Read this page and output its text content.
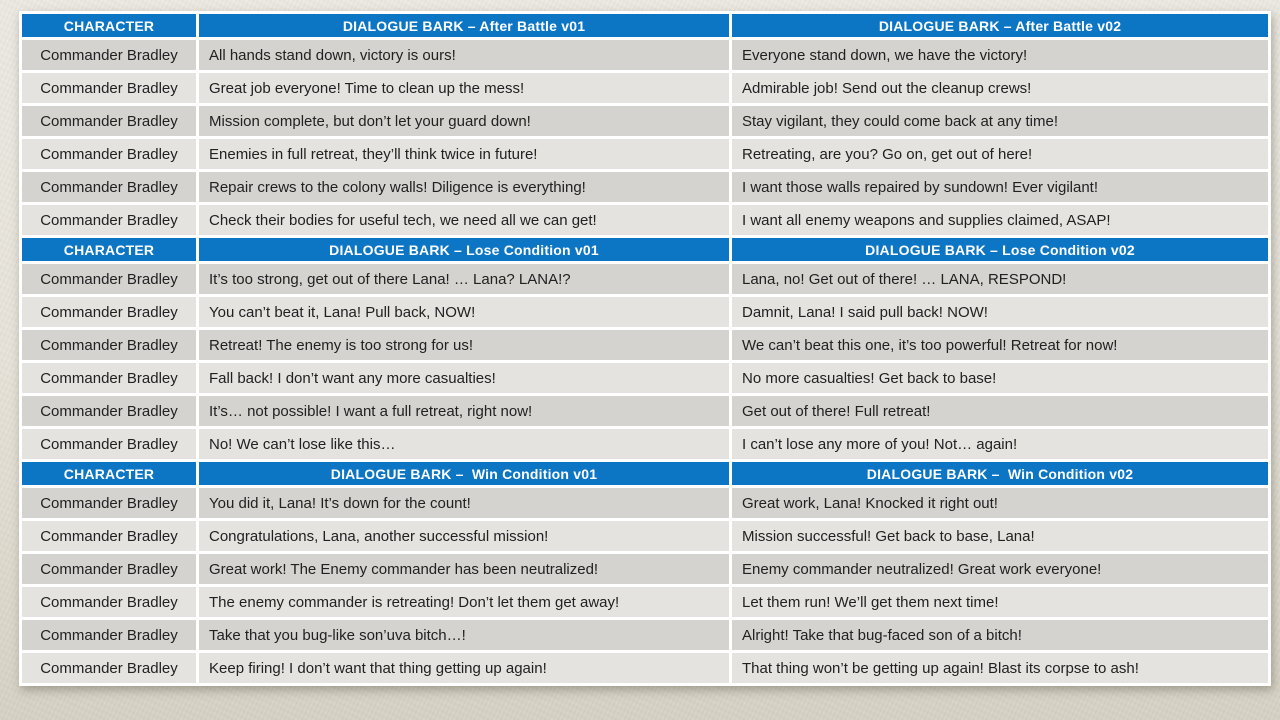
CHARACTER	DIALOGUE BARK – After Battle v01	DIALOGUE BARK – After Battle v02
Commander Bradley	All hands stand down, victory is ours!	Everyone stand down, we have the victory!
Commander Bradley	Great job everyone! Time to clean up the mess!	Admirable job! Send out the cleanup crews!
Commander Bradley	Mission complete, but don’t let your guard down!	Stay vigilant, they could come back at any time!
Commander Bradley	Enemies in full retreat, they’ll think twice in future!	Retreating, are you? Go on, get out of here!
Commander Bradley	Repair crews to the colony walls! Diligence is everything!	I want those walls repaired by sundown! Ever vigilant!
Commander Bradley	Check their bodies for useful tech, we need all we can get!	I want all enemy weapons and supplies claimed, ASAP!
CHARACTER	DIALOGUE BARK – Lose Condition v01	DIALOGUE BARK – Lose Condition v02
Commander Bradley	It’s too strong, get out of there Lana! … Lana? LANA!?	Lana, no! Get out of there! … LANA, RESPOND!
Commander Bradley	You can’t beat it, Lana! Pull back, NOW!	Damnit, Lana! I said pull back! NOW!
Commander Bradley	Retreat! The enemy is too strong for us!	We can’t beat this one, it’s too powerful! Retreat for now!
Commander Bradley	Fall back! I don’t want any more casualties!	No more casualties! Get back to base!
Commander Bradley	It’s… not possible! I want a full retreat, right now!	Get out of there! Full retreat!
Commander Bradley	No! We can’t lose like this…	I can’t lose any more of you! Not… again!
CHARACTER	DIALOGUE BARK –  Win Condition v01	DIALOGUE BARK –  Win Condition v02
Commander Bradley	You did it, Lana! It’s down for the count!	Great work, Lana! Knocked it right out!
Commander Bradley	Congratulations, Lana, another successful mission!	Mission successful! Get back to base, Lana!
Commander Bradley	Great work! The Enemy commander has been neutralized!	Enemy commander neutralized! Great work everyone!
Commander Bradley	The enemy commander is retreating! Don’t let them get away!	Let them run! We’ll get them next time!
Commander Bradley	Take that you bug-like son’uva bitch…!	Alright! Take that bug-faced son of a bitch!
Commander Bradley	Keep firing! I don’t want that thing getting up again!	That thing won’t be getting up again! Blast its corpse to ash!
